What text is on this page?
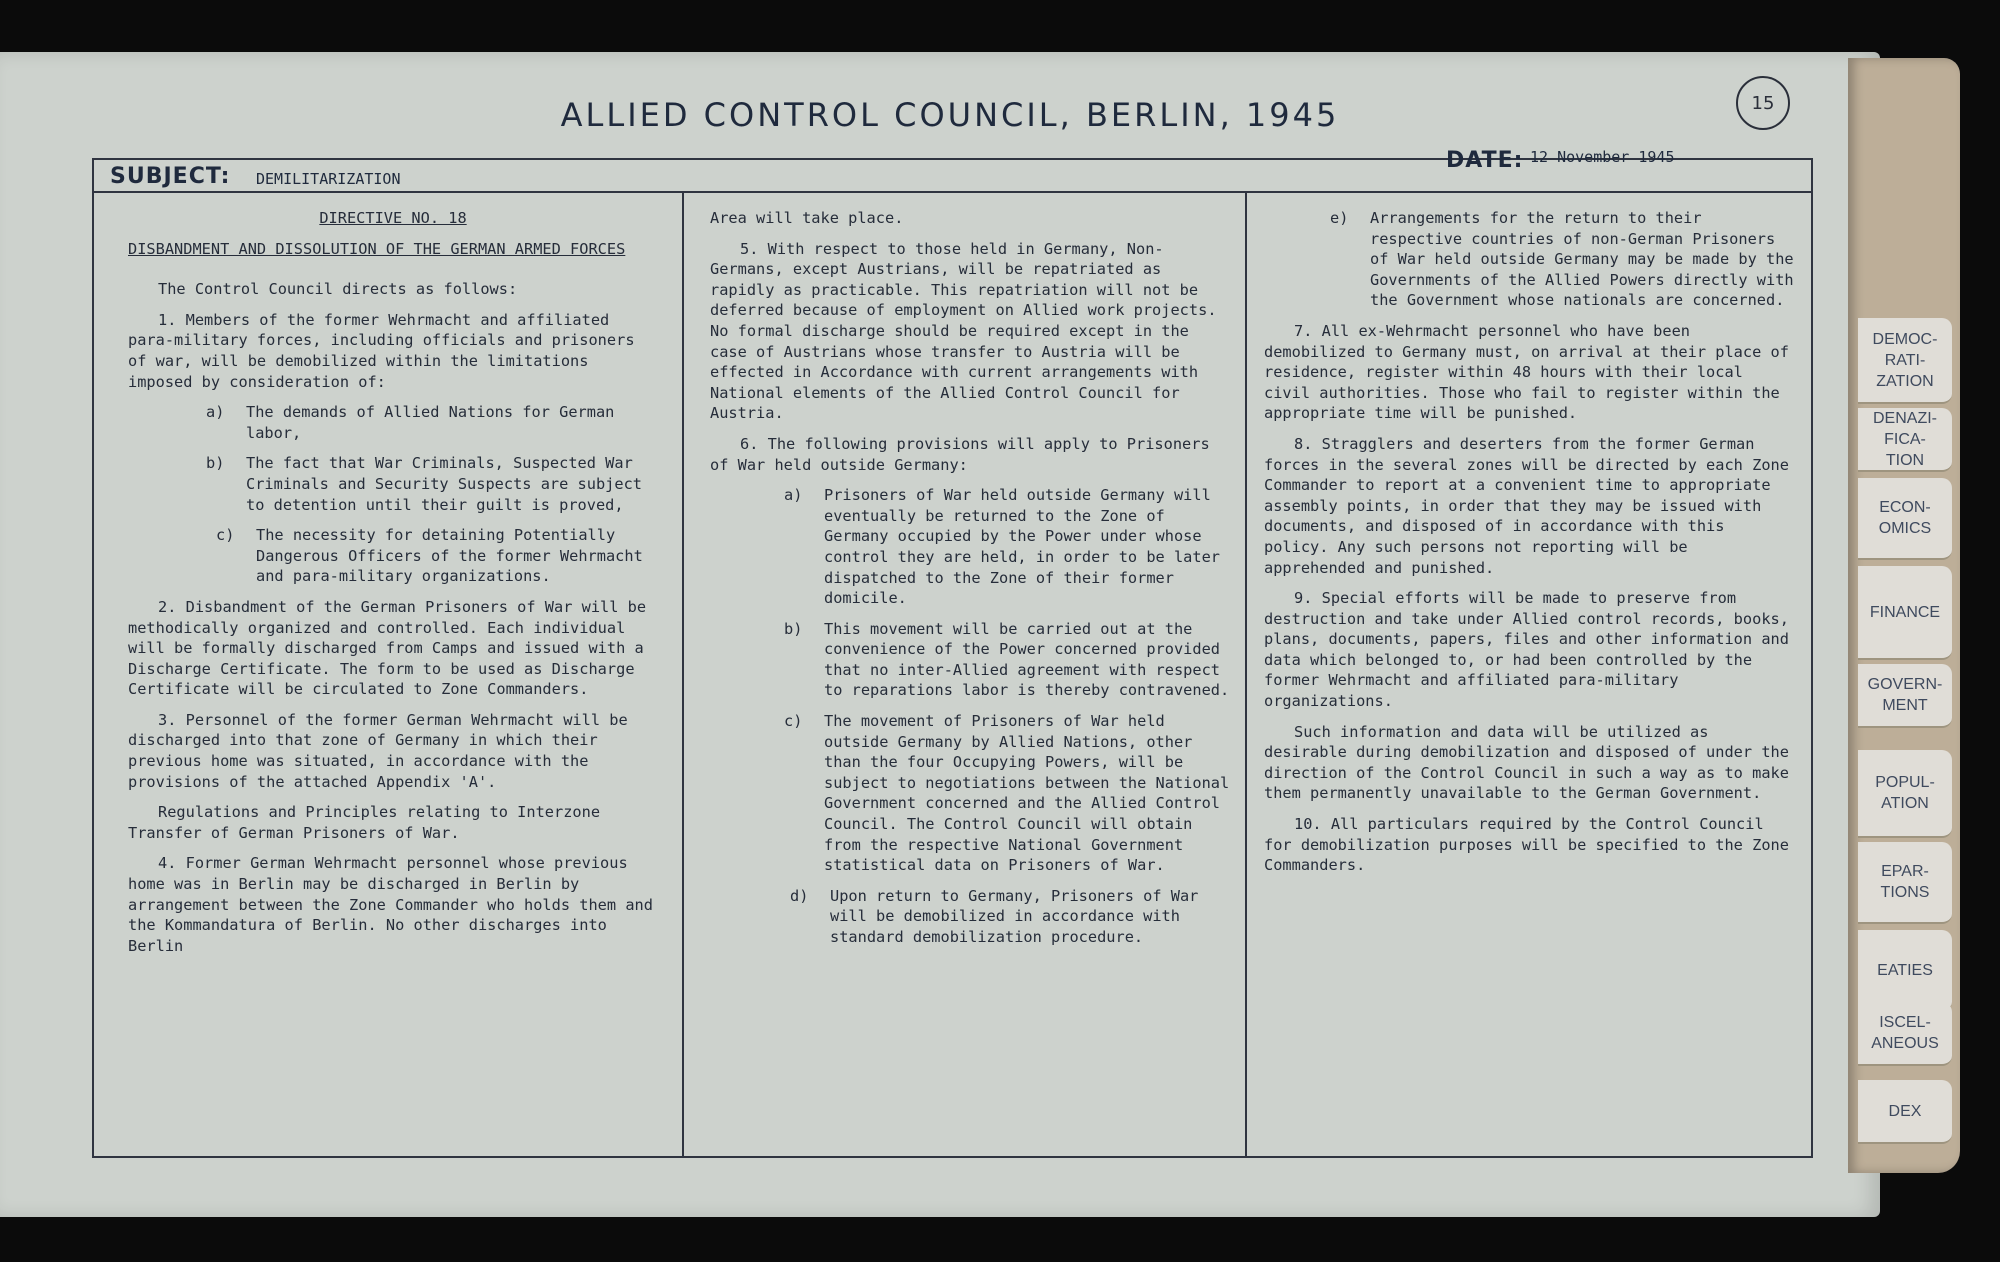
DEMOC-
RATI-
ZATION
DENAZI-
FICA-
TION
ECON-
OMICS
FINANCE
GOVERN-
MENT
POPUL-
ATION
EPAR-
TIONS
EATIES
ISCEL-
ANEOUS
DEX
ALLIED CONTROL COUNCIL, BERLIN, 1945	15
SUBJECT: DEMILITARIZATION
DATE: 12 November 1945

DIRECTIVE NO. 18

DISBANDMENT AND DISSOLUTION OF THE GERMAN ARMED FORCES

The Control Council directs as follows:

1. Members of the former Wehrmacht and affiliated para-military forces, including officials and prisoners of war, will be demobilized within the limitations imposed by consideration of:

a)	The demands of Allied Nations for German labor,
b)	The fact that War Criminals, Suspected War Criminals and Security Suspects are subject to detention until their guilt is proved,
c)	The necessity for detaining Potentially Dangerous Officers of the former Wehrmacht and para-military organizations.

2. Disbandment of the German Prisoners of War will be methodically organized and controlled. Each individual will be formally discharged from Camps and issued with a Discharge Certificate. The form to be used as Discharge Certificate will be circulated to Zone Commanders.

3. Personnel of the former German Wehrmacht will be discharged into that zone of Germany in which their previous home was situated, in accordance with the provisions of the attached Appendix 'A'.

Regulations and Principles relating to Interzone Transfer of German Prisoners of War.

4. Former German Wehrmacht personnel whose previous home was in Berlin may be discharged in Berlin by arrangement between the Zone Commander who holds them and the Kommandatura of Berlin. No other discharges into Berlin

Area will take place.

5. With respect to those held in Germany, Non-Germans, except Austrians, will be repatriated as rapidly as practicable. This repatriation will not be deferred because of employment on Allied work projects. No formal discharge should be required except in the case of Austrians whose transfer to Austria will be effected in Accordance with current arrangements with National elements of the Allied Control Council for Austria.

6. The following provisions will apply to Prisoners of War held outside Germany:

a)	Prisoners of War held outside Germany will eventually be returned to the Zone of Germany occupied by the Power under whose control they are held, in order to be later dispatched to the Zone of their former domicile.
b)	This movement will be carried out at the convenience of the Power concerned provided that no inter-Allied agreement with respect to reparations labor is thereby contravened.
c)	The movement of Prisoners of War held outside Germany by Allied Nations, other than the four Occupying Powers, will be subject to negotiations between the National Government concerned and the Allied Control Council. The Control Council will obtain from the respective National Government statistical data on Prisoners of War.
d)	Upon return to Germany, Prisoners of War will be demobilized in accordance with standard demobilization procedure.
e)	Arrangements for the return to their respective countries of non-German Prisoners of War held outside Germany may be made by the Governments of the Allied Powers directly with the Government whose nationals are concerned.

7. All ex-Wehrmacht personnel who have been demobilized to Germany must, on arrival at their place of residence, register within 48 hours with their local civil authorities. Those who fail to register within the appropriate time will be punished.

8. Stragglers and deserters from the former German forces in the several zones will be directed by each Zone Commander to report at a convenient time to appropriate assembly points, in order that they may be issued with documents, and disposed of in accordance with this policy. Any such persons not reporting will be apprehended and punished.

9. Special efforts will be made to preserve from destruction and take under Allied control records, books, plans, documents, papers, files and other information and data which belonged to, or had been controlled by the former Wehrmacht and affiliated para-military organizations.

Such information and data will be utilized as desirable during demobilization and disposed of under the direction of the Control Council in such a way as to make them permanently unavailable to the German Government.

10. All particulars required by the Control Council for demobilization purposes will be specified to the Zone Commanders.
